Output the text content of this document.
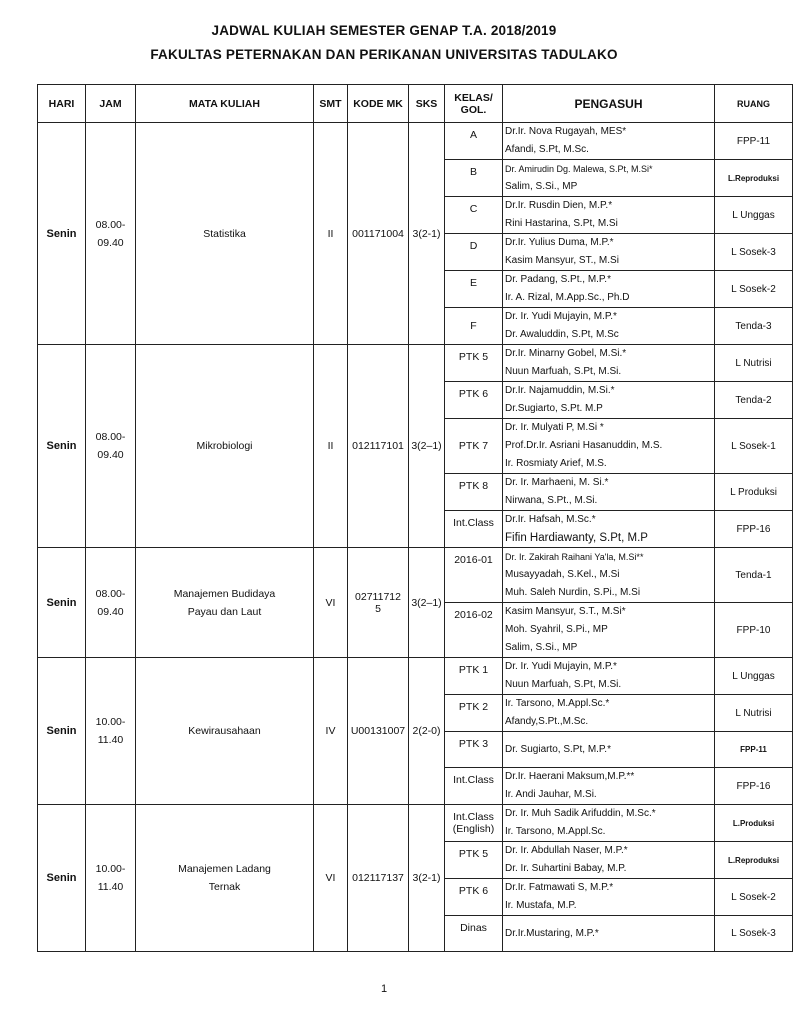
JADWAL KULIAH SEMESTER GENAP T.A. 2018/2019
FAKULTAS PETERNAKAN DAN PERIKANAN UNIVERSITAS TADULAKO
HARI	JAM	MATA KULIAH	SMT	KODE MK	SKS	KELAS/
GOL.	PENGASUH	RUANG
Senin	08.00-
09.40	Statistika	II	001171004	3(2-1)	A	Dr.Ir. Nova Rugayah, MES*
Afandi, S.Pt, M.Sc.	FPP-11

						B	Dr. Amirudin Dg. Malewa, S.Pt, M.Si*
Salim, S.Si., MP	L.Reproduksi

						C	Dr.Ir. Rusdin Dien, M.P.*
Rini Hastarina, S.Pt, M.Si	L Unggas

						D	Dr.Ir. Yulius Duma, M.P.*
Kasim Mansyur, ST., M.Si	L Sosek-3

						E	Dr. Padang, S.Pt., M.P.*
Ir. A. Rizal, M.App.Sc., Ph.D	L Sosek-2

						F	Dr. Ir. Yudi Mujayin, M.P.*
Dr. Awaluddin, S.Pt, M.Sc	Tenda-3
Senin	08.00-
09.40	Mikrobiologi	II	012117101	3(2–1)	PTK 5	Dr.Ir. Minarny Gobel, M.Si.*
Nuun Marfuah, S.Pt, M.Si.	L Nutrisi

						PTK 6	Dr.Ir. Najamuddin, M.Si.*
Dr.Sugiarto, S.Pt. M.P	Tenda-2

						PTK 7	Dr. Ir. Mulyati P, M.Si *
Prof.Dr.Ir. Asriani Hasanuddin, M.S.
Ir. Rosmiaty Arief, M.S.	L Sosek-1

						PTK 8	Dr. Ir. Marhaeni, M. Si.*
Nirwana, S.Pt., M.Si.	L Produksi

						Int.Class	Dr.Ir. Hafsah, M.Sc.*
Fifin Hardiawanty, S.Pt, M.P	FPP-16
Senin	08.00-
09.40	Manajemen Budidaya
Payau dan Laut	VI	02711712
5	3(2–1)	2016-01	Dr. Ir. Zakirah Raihani Ya'la, M.Si**
Musayyadah, S.Kel., M.Si
Muh. Saleh Nurdin, S.Pi., M.Si	Tenda-1

						2016-02	Kasim Mansyur, S.T., M.Si*
Moh. Syahril, S.Pi., MP
Salim, S.Si., MP	FPP-10
Senin	10.00-
11.40	Kewirausahaan	IV	U00131007	2(2-0)	PTK 1	Dr. Ir. Yudi Mujayin, M.P.*
Nuun Marfuah, S.Pt, M.Si.	L Unggas

						PTK 2	Ir. Tarsono, M.Appl.Sc.*
Afandy,S.Pt.,M.Sc.	L Nutrisi

						PTK 3	Dr. Sugiarto, S.Pt, M.P.*	FPP-11

						Int.Class	Dr.Ir. Haerani Maksum,M.P.**
Ir. Andi Jauhar, M.Si.	FPP-16
Senin	10.00-
11.40	Manajemen Ladang
Ternak	VI	012117137	3(2-1)	Int.Class
(English)	Dr. Ir. Muh Sadik Arifuddin, M.Sc.*
Ir. Tarsono, M.Appl.Sc.	L.Produksi

						PTK 5	Dr. Ir. Abdullah Naser, M.P.*
Dr. Ir. Suhartini Babay, M.P.	L.Reproduksi

						PTK 6	Dr.Ir. Fatmawati S, M.P.*
Ir. Mustafa, M.P.	L Sosek-2

						Dinas	Dr.Ir.Mustaring, M.P.*	L Sosek-3
1
